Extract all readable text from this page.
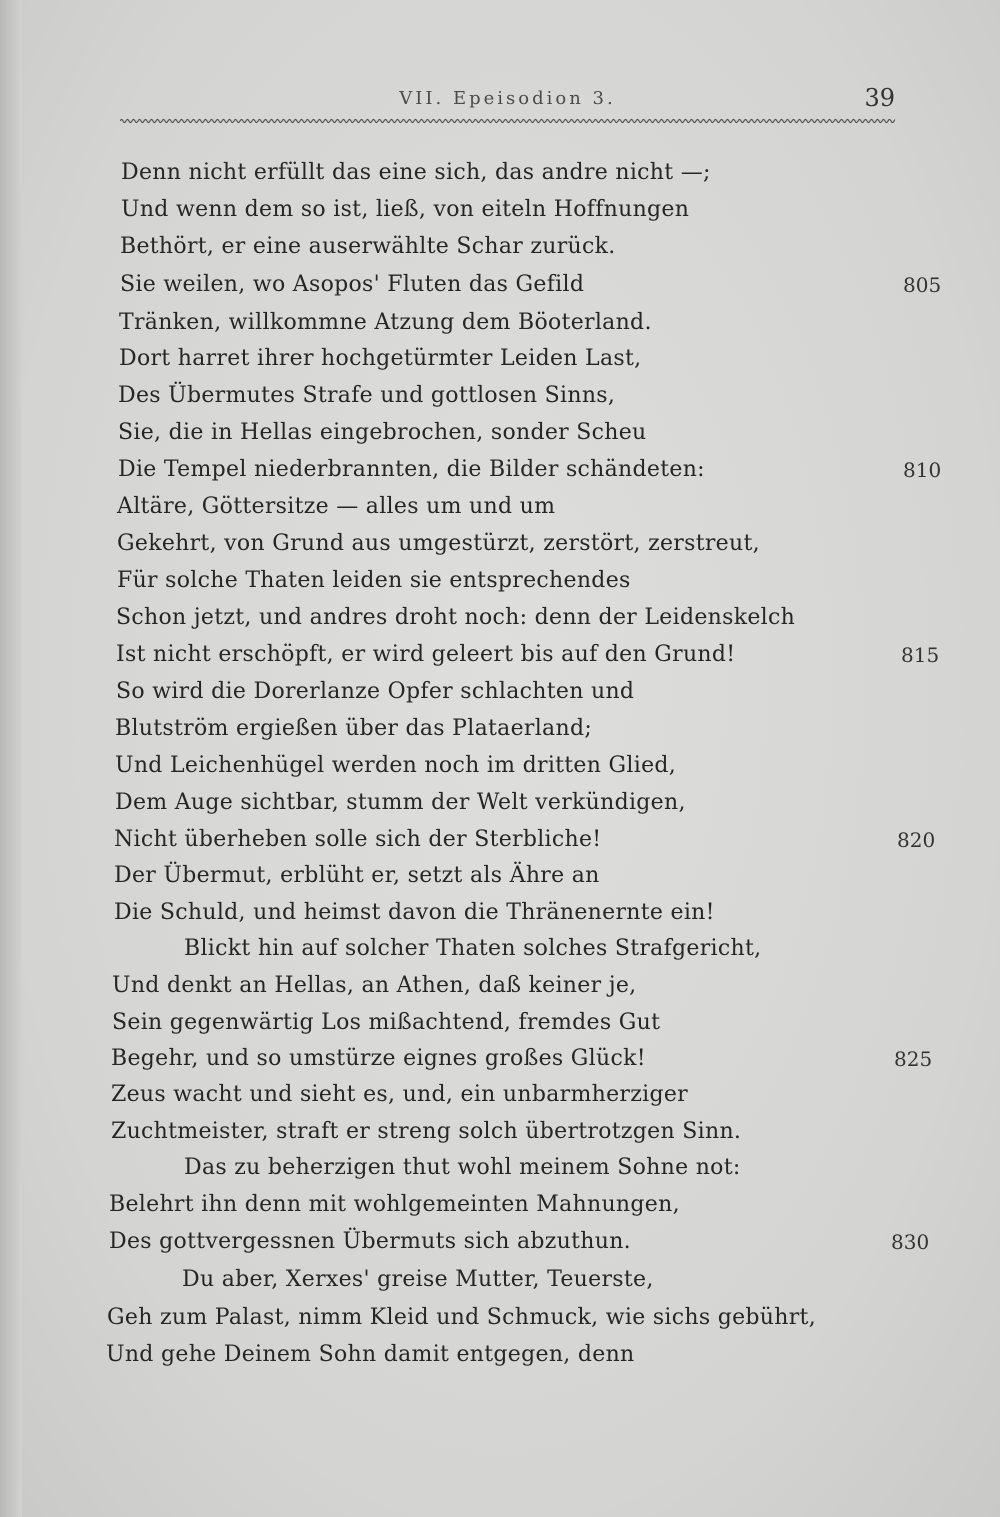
VII. Epeisodion 3.	39
Denn nicht erfüllt das eine sich, das andre nicht —;
Und wenn dem so ist, ließ, von eiteln Hoffnungen
Bethört, er eine auserwählte Schar zurück.
Sie weilen, wo Asopos' Fluten das Gefild
Tränken, willkommne Atzung dem Böoterland.
Dort harret ihrer hochgetürmter Leiden Last,
Des Übermutes Strafe und gottlosen Sinns,
Sie, die in Hellas eingebrochen, sonder Scheu
Die Tempel niederbrannten, die Bilder schändeten:
Altäre, Göttersitze — alles um und um
Gekehrt, von Grund aus umgestürzt, zerstört, zerstreut,
Für solche Thaten leiden sie entsprechendes
Schon jetzt, und andres droht noch: denn der Leidenskelch
Ist nicht erschöpft, er wird geleert bis auf den Grund!
So wird die Dorerlanze Opfer schlachten und
Blutström ergießen über das Plataerland;
Und Leichenhügel werden noch im dritten Glied,
Dem Auge sichtbar, stumm der Welt verkündigen,
Nicht überheben solle sich der Sterbliche!
Der Übermut, erblüht er, setzt als Ähre an
Die Schuld, und heimst davon die Thränenernte ein!
Blickt hin auf solcher Thaten solches Strafgericht,
Und denkt an Hellas, an Athen, daß keiner je,
Sein gegenwärtig Los mißachtend, fremdes Gut
Begehr, und so umstürze eignes großes Glück!
Zeus wacht und sieht es, und, ein unbarmherziger
Zuchtmeister, straft er streng solch übertrotzgen Sinn.
Das zu beherzigen thut wohl meinem Sohne not:
Belehrt ihn denn mit wohlgemeinten Mahnungen,
Des gottvergessnen Übermuts sich abzuthun.
Du aber, Xerxes' greise Mutter, Teuerste,
Geh zum Palast, nimm Kleid und Schmuck, wie sichs gebührt,
Und gehe Deinem Sohn damit entgegen, denn
805
810
815
820
825
830
